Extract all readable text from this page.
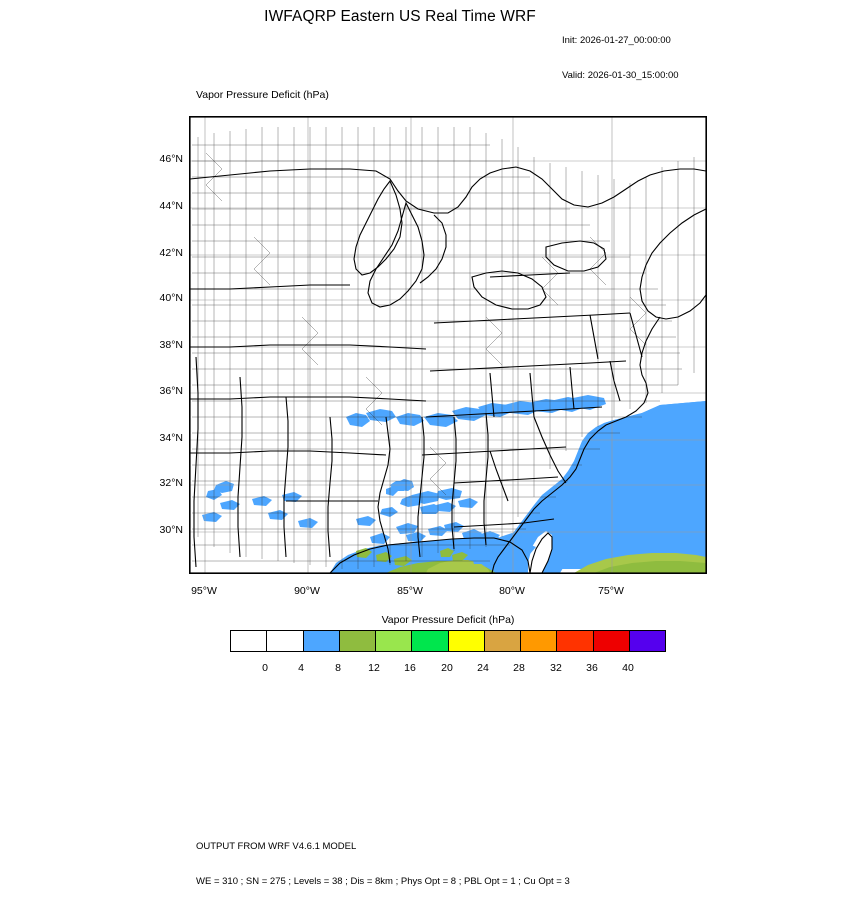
IWFAQRP Eastern US Real Time WRF

Init: 2026-01-27_00:00:00

Valid: 2026-01-30_15:00:00

Vapor Pressure Deficit (hPa)
46°N
44°N
42°N
40°N
38°N
36°N
34°N
32°N
30°N
95°W	90°W	85°W	80°W	75°W
Vapor Pressure Deficit (hPa)
0	4	8	12	16	20	24	28	32	36	40

OUTPUT FROM WRF V4.6.1 MODEL

WE = 310 ; SN = 275 ; Levels = 38 ; Dis = 8km ; Phys Opt = 8 ; PBL Opt = 1 ; Cu Opt = 3
